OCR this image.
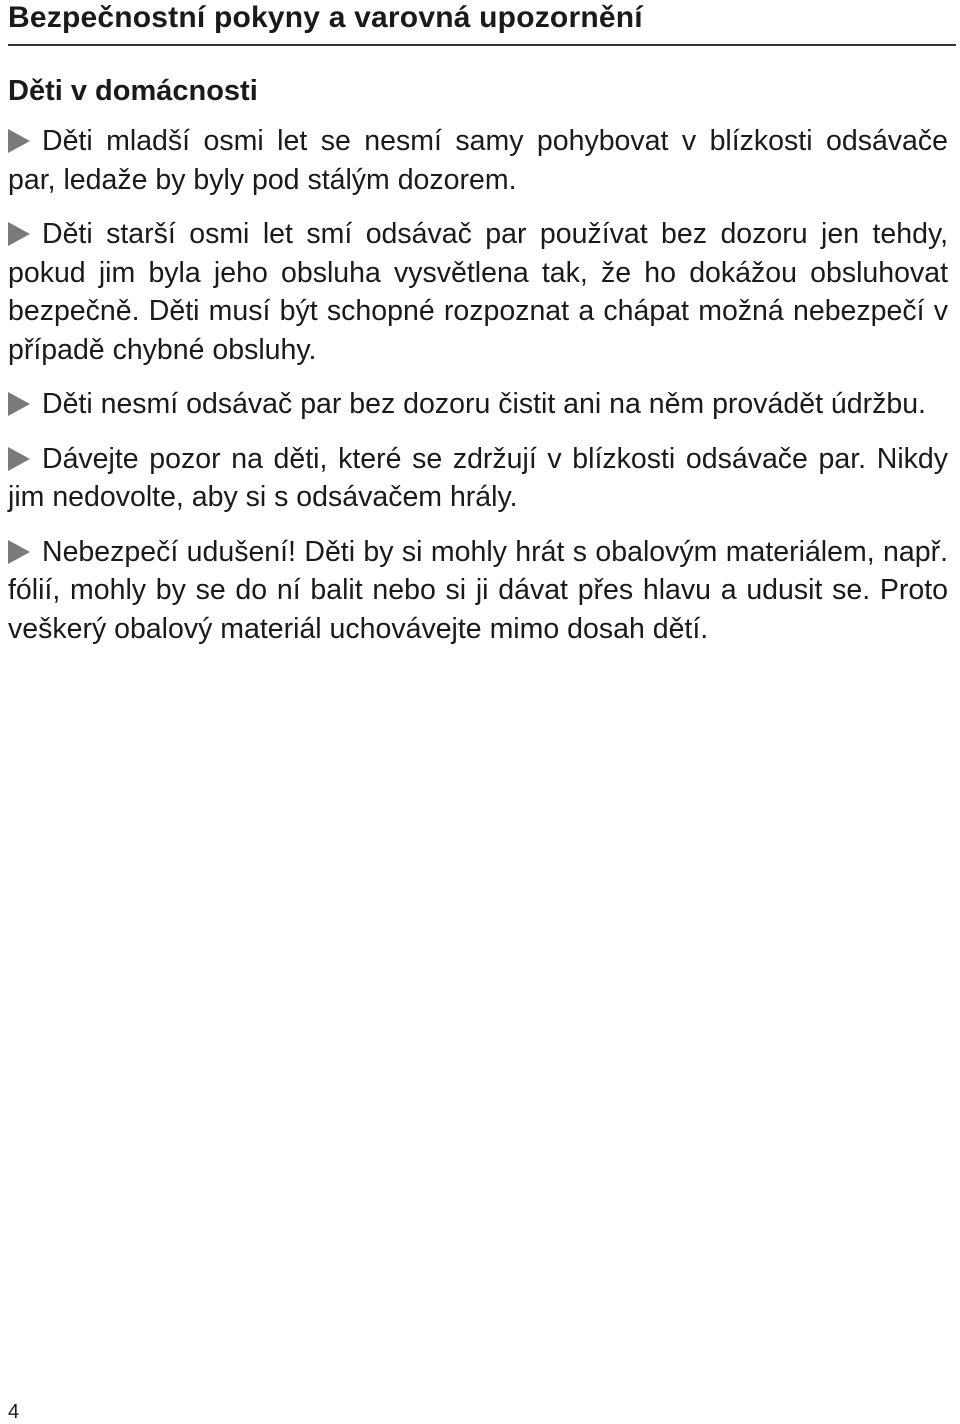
Bezpečnostní pokyny a varovná upozornění
Děti v domácnosti

Děti mladší osmi let se nesmí samy pohybovat v blízkosti odsávače par, ledaže by byly pod stálým dozorem.

Děti starší osmi let smí odsávač par používat bez dozoru jen tehdy, pokud jim byla jeho obsluha vysvětlena tak, že ho dokážou obsluhovat bezpečně. Děti musí být schopné rozpoznat a chápat možná nebezpečí v případě chybné obsluhy.

Děti nesmí odsávač par bez dozoru čistit ani na něm provádět údržbu.

Dávejte pozor na děti, které se zdržují v blízkosti odsávače par. Nikdy jim nedovolte, aby si s odsávačem hrály.

Nebezpečí udušení! Děti by si mohly hrát s obalovým materiálem, např. fólií, mohly by se do ní balit nebo si ji dávat přes hlavu a udusit se. Proto veškerý obalový materiál uchovávejte mimo dosah dětí.

4
